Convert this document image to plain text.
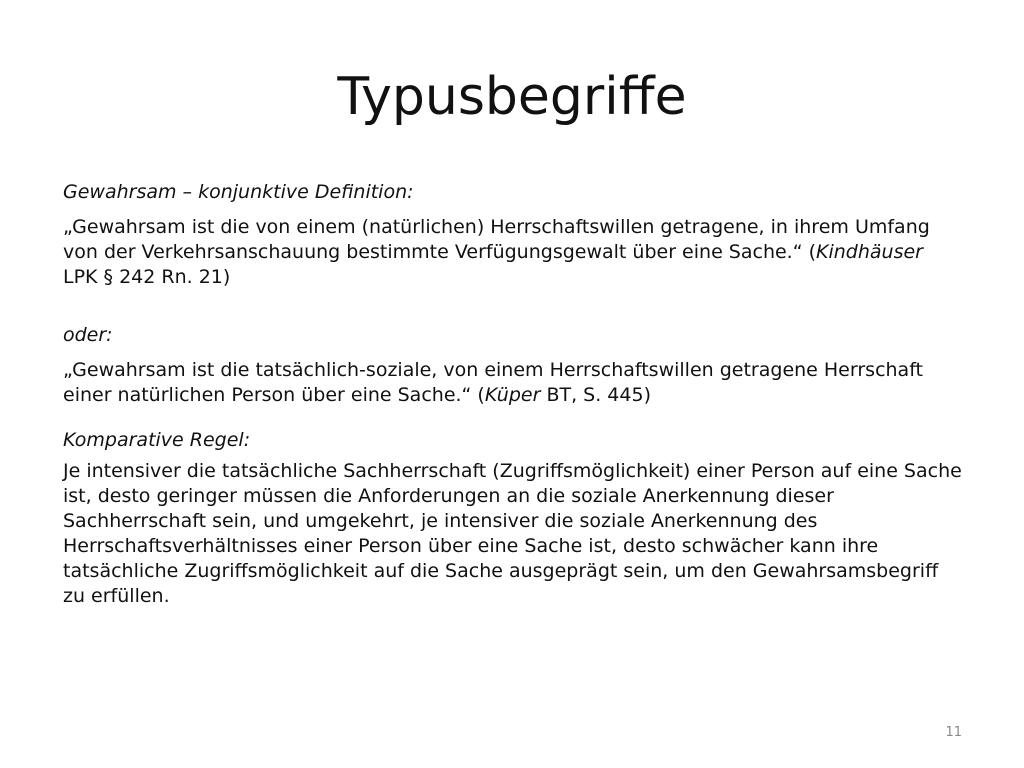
Typusbegriffe

Gewahrsam – konjunktive Definition:

„Gewahrsam ist die von einem (natürlichen) Herrschaftswillen getragene, in ihrem Umfang von der Verkehrsanschauung bestimmte Verfügungsgewalt über eine Sache.“ (Kindhäuser LPK § 242 Rn. 21)

oder:

„Gewahrsam ist die tatsächlich-soziale, von einem Herrschaftswillen getragene Herrschaft einer natürlichen Person über eine Sache.“ (Küper BT, S. 445)

Komparative Regel:

Je intensiver die tatsächliche Sachherrschaft (Zugriffsmöglichkeit) einer Person auf eine Sache ist, desto geringer müssen die Anforderungen an die soziale Anerkennung dieser Sachherrschaft sein, und umgekehrt, je intensiver die soziale Anerkennung des Herrschaftsverhältnisses einer Person über eine Sache ist, desto schwächer kann ihre tatsächliche Zugriffsmöglichkeit auf die Sache ausgeprägt sein, um den Gewahrsamsbegriff zu erfüllen.

11
